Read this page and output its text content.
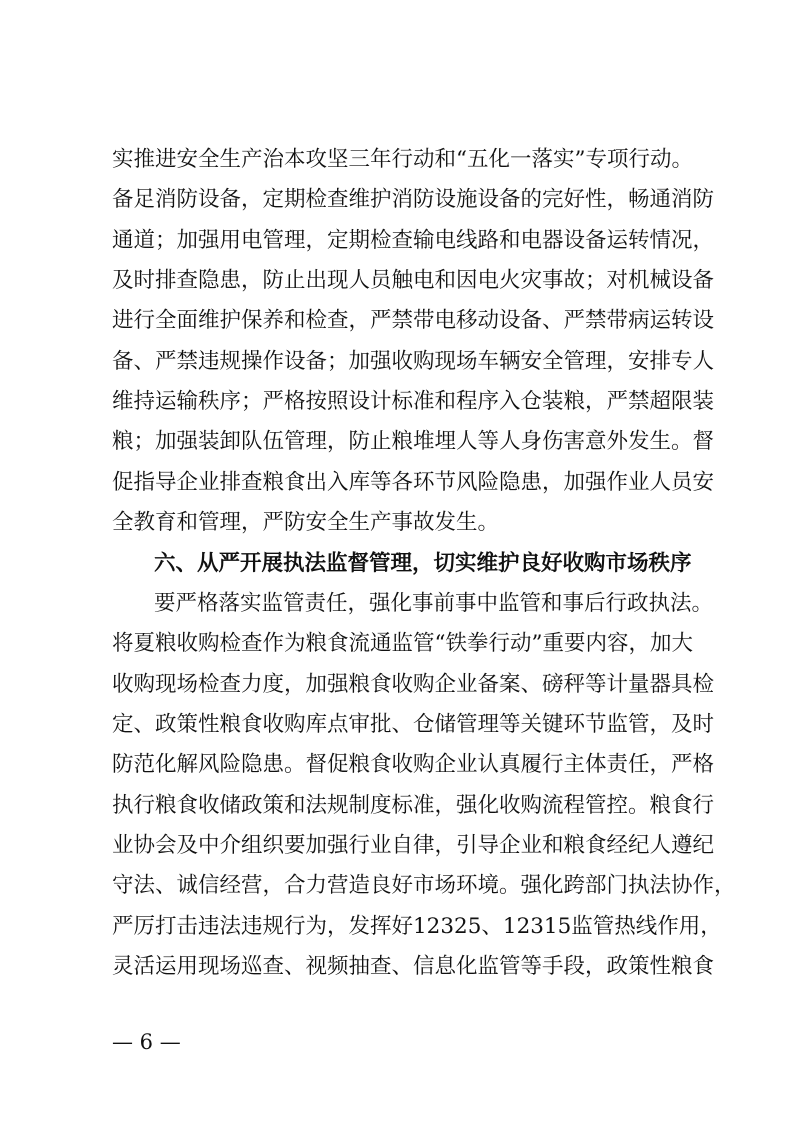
实推进安全生产治本攻坚三年行动和“五化一落实”专项行动。
备足消防设备，定期检查维护消防设施设备的完好性，畅通消防
通道；加强用电管理，定期检查输电线路和电器设备运转情况，
及时排查隐患，防止出现人员触电和因电火灾事故；对机械设备
进行全面维护保养和检查，严禁带电移动设备、严禁带病运转设
备、严禁违规操作设备；加强收购现场车辆安全管理，安排专人
维持运输秩序；严格按照设计标准和程序入仓装粮，严禁超限装
粮；加强装卸队伍管理，防止粮堆埋人等人身伤害意外发生。督
促指导企业排查粮食出入库等各环节风险隐患，加强作业人员安
全教育和管理，严防安全生产事故发生。
六、从严开展执法监督管理，切实维护良好收购市场秩序
要严格落实监管责任，强化事前事中监管和事后行政执法。
将夏粮收购检查作为粮食流通监管“铁拳行动”重要内容，加大
收购现场检查力度，加强粮食收购企业备案、磅秤等计量器具检
定、政策性粮食收购库点审批、仓储管理等关键环节监管，及时
防范化解风险隐患。督促粮食收购企业认真履行主体责任，严格
执行粮食收储政策和法规制度标准，强化收购流程管控。粮食行
业协会及中介组织要加强行业自律，引导企业和粮食经纪人遵纪
守法、诚信经营，合力营造良好市场环境。强化跨部门执法协作，
严厉打击违法违规行为，发挥好12325、12315监管热线作用，
灵活运用现场巡查、视频抽查、信息化监管等手段，政策性粮食
— 6 —
